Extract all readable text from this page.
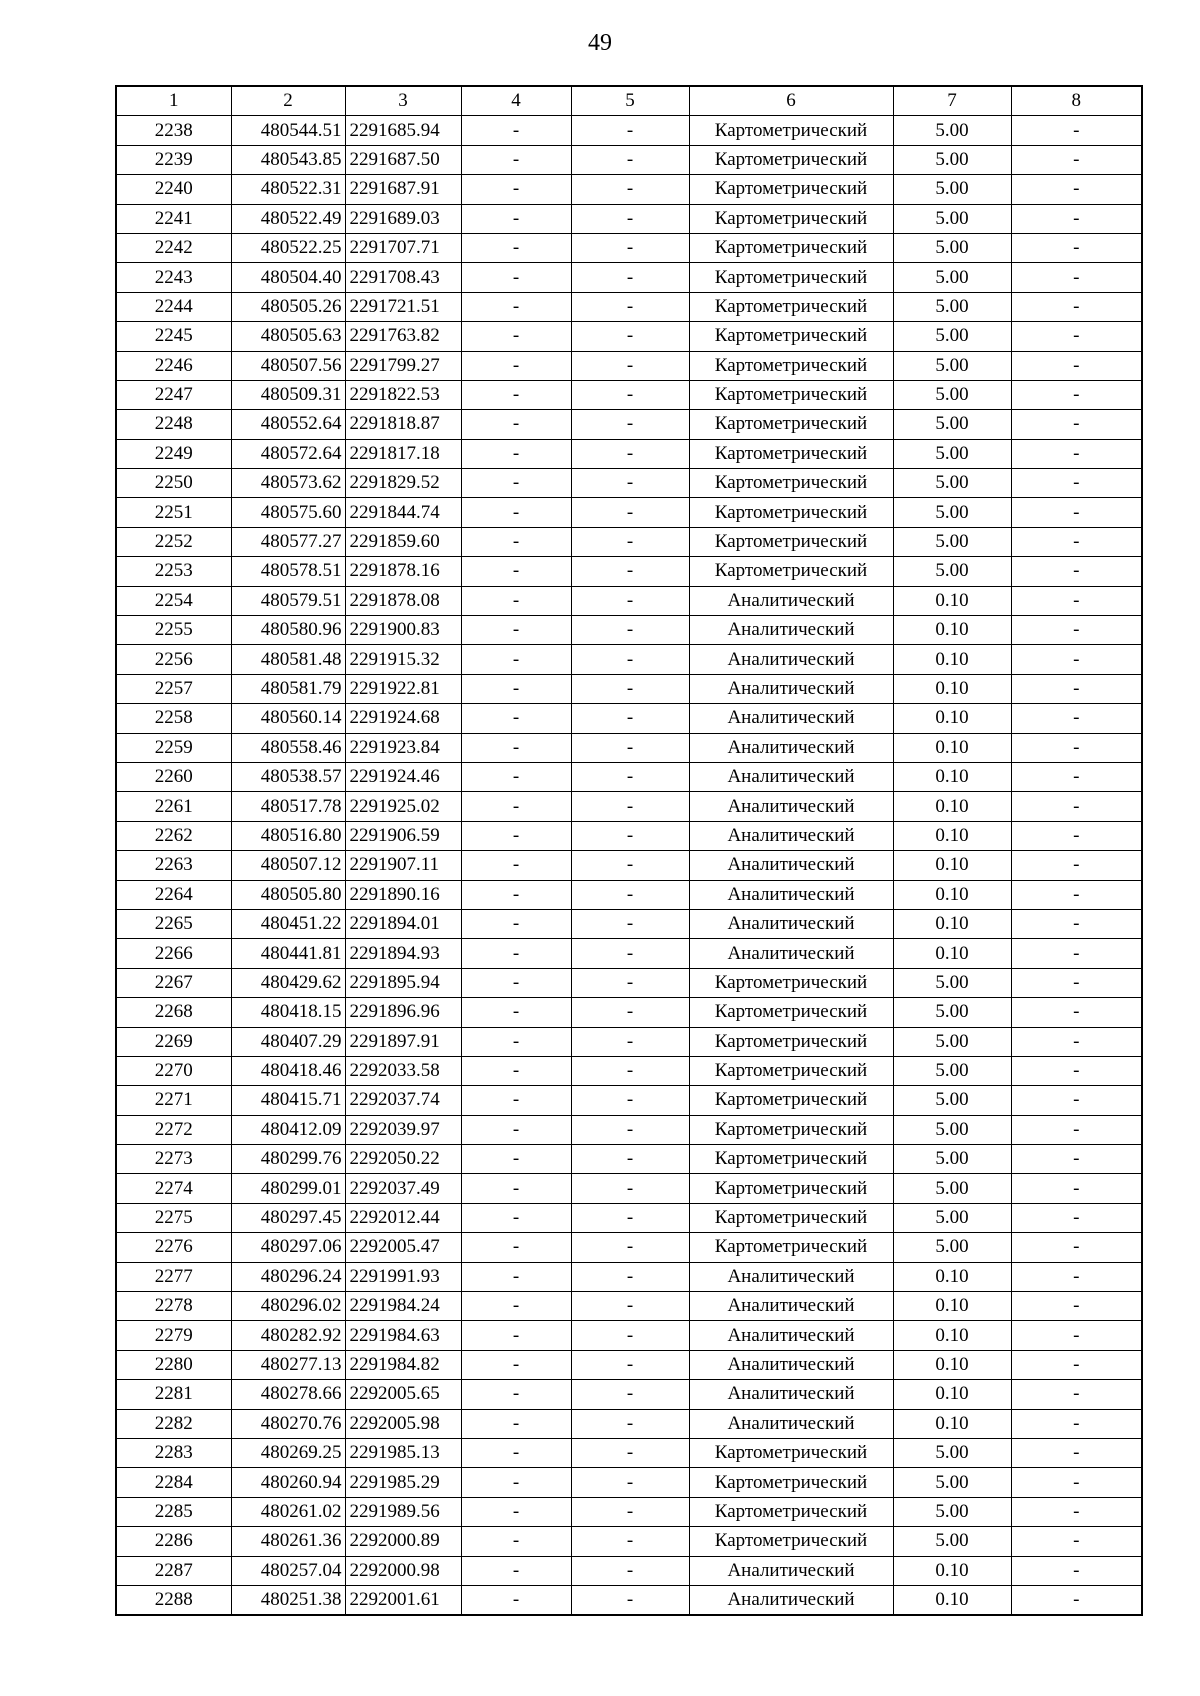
49
1	2	3	4	5	6	7	8
2238	480544.51	2291685.94	-	-	Картометрический	5.00	-
2239	480543.85	2291687.50	-	-	Картометрический	5.00	-
2240	480522.31	2291687.91	-	-	Картометрический	5.00	-
2241	480522.49	2291689.03	-	-	Картометрический	5.00	-
2242	480522.25	2291707.71	-	-	Картометрический	5.00	-
2243	480504.40	2291708.43	-	-	Картометрический	5.00	-
2244	480505.26	2291721.51	-	-	Картометрический	5.00	-
2245	480505.63	2291763.82	-	-	Картометрический	5.00	-
2246	480507.56	2291799.27	-	-	Картометрический	5.00	-
2247	480509.31	2291822.53	-	-	Картометрический	5.00	-
2248	480552.64	2291818.87	-	-	Картометрический	5.00	-
2249	480572.64	2291817.18	-	-	Картометрический	5.00	-
2250	480573.62	2291829.52	-	-	Картометрический	5.00	-
2251	480575.60	2291844.74	-	-	Картометрический	5.00	-
2252	480577.27	2291859.60	-	-	Картометрический	5.00	-
2253	480578.51	2291878.16	-	-	Картометрический	5.00	-
2254	480579.51	2291878.08	-	-	Аналитический	0.10	-
2255	480580.96	2291900.83	-	-	Аналитический	0.10	-
2256	480581.48	2291915.32	-	-	Аналитический	0.10	-
2257	480581.79	2291922.81	-	-	Аналитический	0.10	-
2258	480560.14	2291924.68	-	-	Аналитический	0.10	-
2259	480558.46	2291923.84	-	-	Аналитический	0.10	-
2260	480538.57	2291924.46	-	-	Аналитический	0.10	-
2261	480517.78	2291925.02	-	-	Аналитический	0.10	-
2262	480516.80	2291906.59	-	-	Аналитический	0.10	-
2263	480507.12	2291907.11	-	-	Аналитический	0.10	-
2264	480505.80	2291890.16	-	-	Аналитический	0.10	-
2265	480451.22	2291894.01	-	-	Аналитический	0.10	-
2266	480441.81	2291894.93	-	-	Аналитический	0.10	-
2267	480429.62	2291895.94	-	-	Картометрический	5.00	-
2268	480418.15	2291896.96	-	-	Картометрический	5.00	-
2269	480407.29	2291897.91	-	-	Картометрический	5.00	-
2270	480418.46	2292033.58	-	-	Картометрический	5.00	-
2271	480415.71	2292037.74	-	-	Картометрический	5.00	-
2272	480412.09	2292039.97	-	-	Картометрический	5.00	-
2273	480299.76	2292050.22	-	-	Картометрический	5.00	-
2274	480299.01	2292037.49	-	-	Картометрический	5.00	-
2275	480297.45	2292012.44	-	-	Картометрический	5.00	-
2276	480297.06	2292005.47	-	-	Картометрический	5.00	-
2277	480296.24	2291991.93	-	-	Аналитический	0.10	-
2278	480296.02	2291984.24	-	-	Аналитический	0.10	-
2279	480282.92	2291984.63	-	-	Аналитический	0.10	-
2280	480277.13	2291984.82	-	-	Аналитический	0.10	-
2281	480278.66	2292005.65	-	-	Аналитический	0.10	-
2282	480270.76	2292005.98	-	-	Аналитический	0.10	-
2283	480269.25	2291985.13	-	-	Картометрический	5.00	-
2284	480260.94	2291985.29	-	-	Картометрический	5.00	-
2285	480261.02	2291989.56	-	-	Картометрический	5.00	-
2286	480261.36	2292000.89	-	-	Картометрический	5.00	-
2287	480257.04	2292000.98	-	-	Аналитический	0.10	-
2288	480251.38	2292001.61	-	-	Аналитический	0.10	-
